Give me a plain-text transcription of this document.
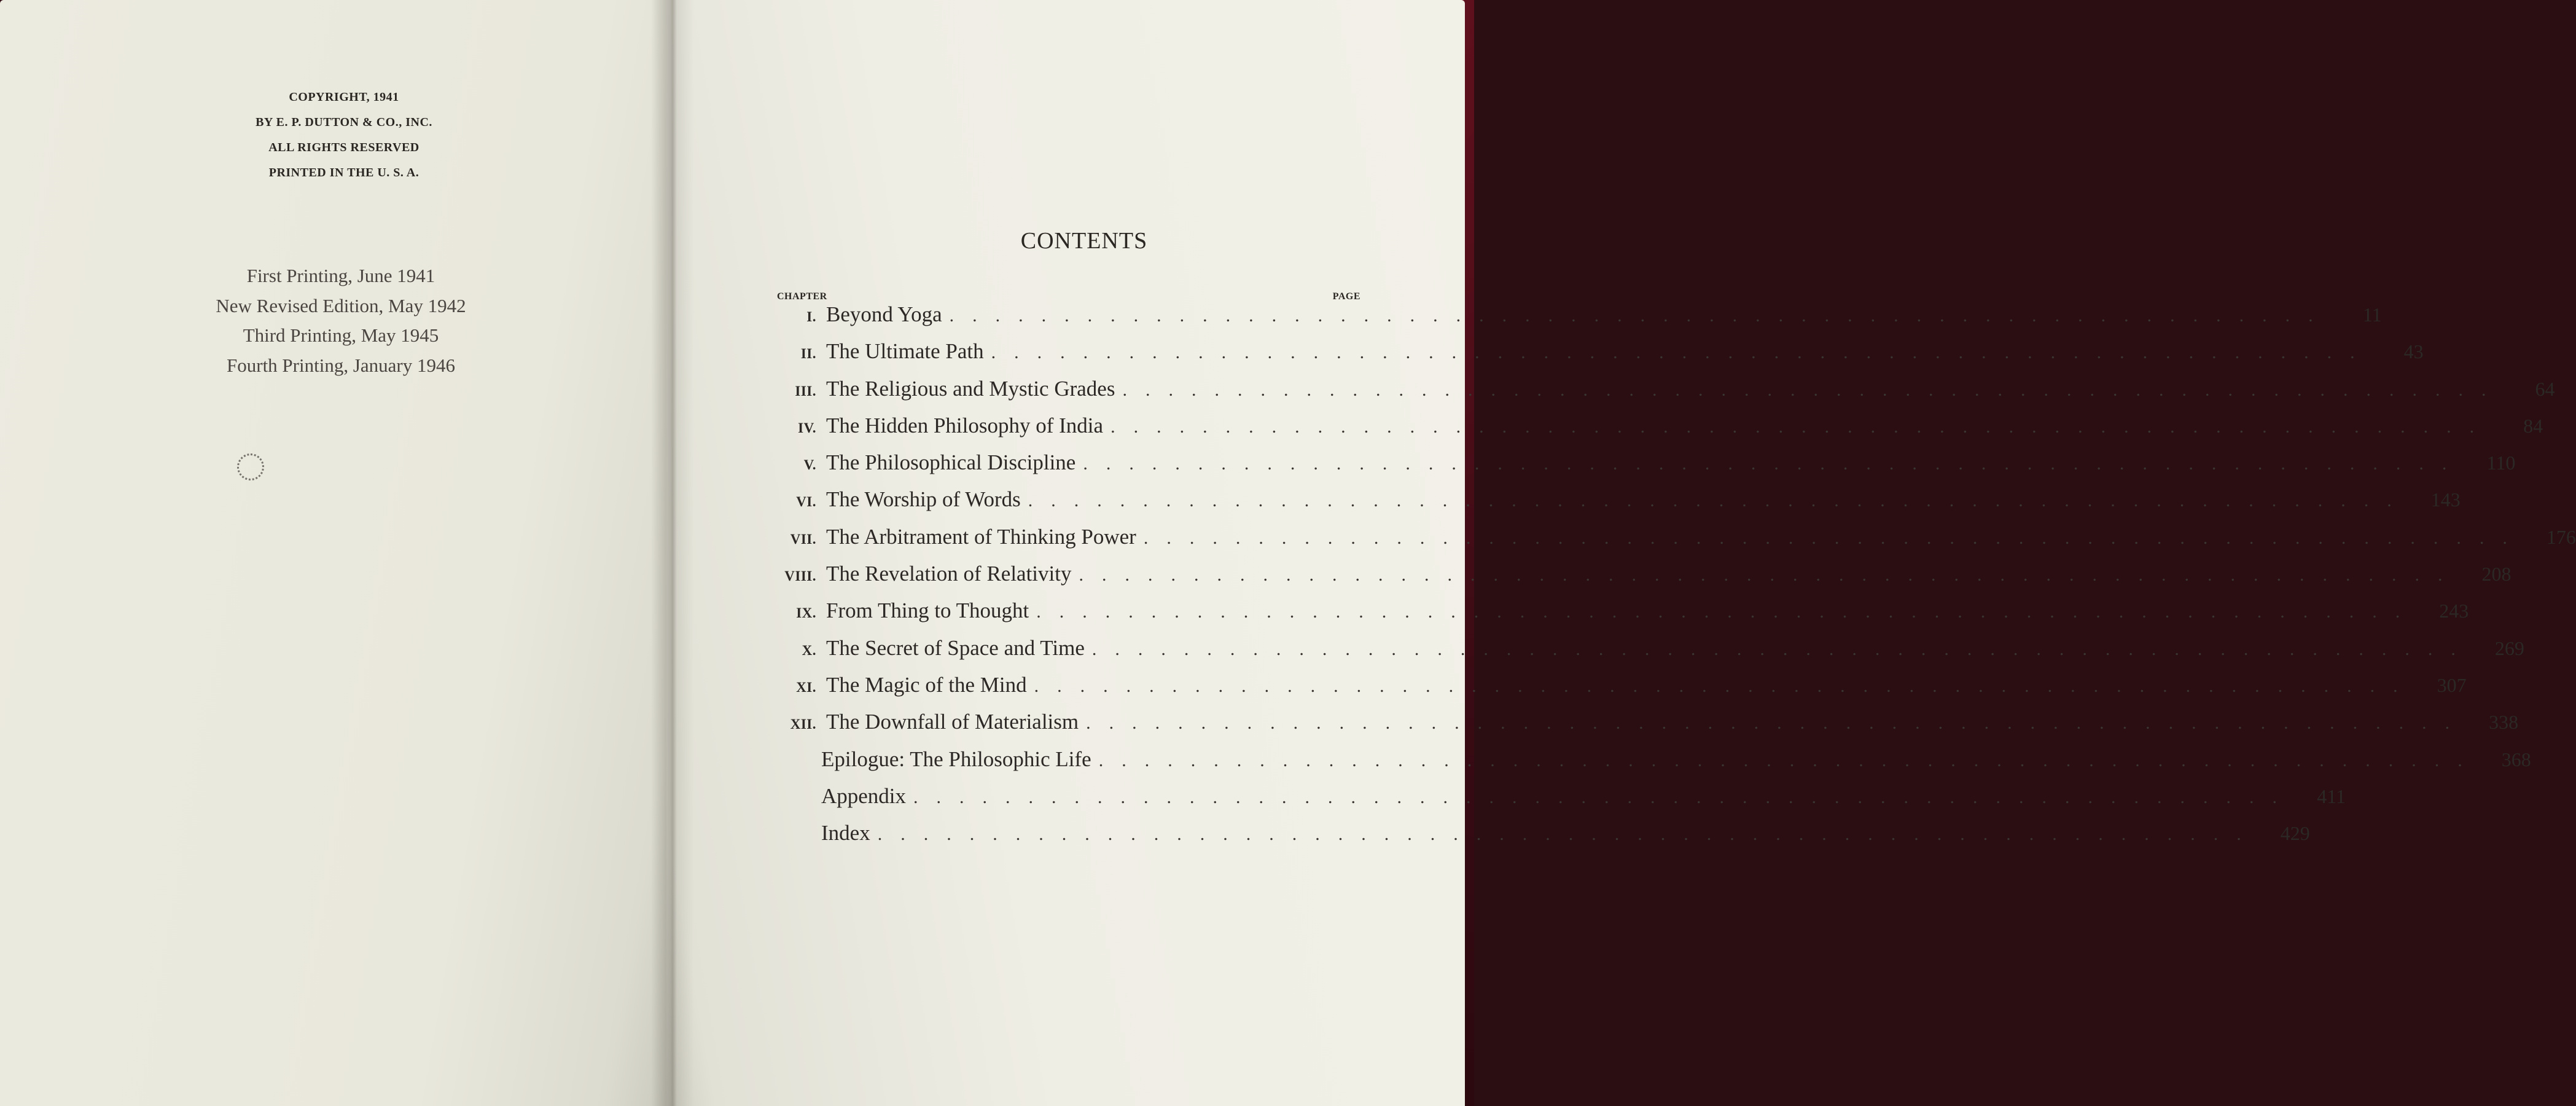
COPYRIGHT, 1941
BY E. P. DUTTON & CO., INC.
ALL RIGHTS RESERVED
PRINTED IN THE U. S. A.
First Printing, June 1941
New Revised Edition, May 1942
Third Printing, May 1945
Fourth Printing, January 1946
CONTENTS
CHAPTER	PAGE
I. Beyond Yoga ............................................................	11
II. The Ultimate Path ............................................................	43
III. The Religious and Mystic Grades ............................................................	64
IV. The Hidden Philosophy of India ............................................................	84
V. The Philosophical Discipline ............................................................	110
VI. The Worship of Words ............................................................	143
VII. The Arbitrament of Thinking Power ............................................................	176
VIII. The Revelation of Relativity ............................................................	208
IX. From Thing to Thought ............................................................	243
X. The Secret of Space and Time ............................................................	269
XI. The Magic of the Mind ............................................................	307
XII. The Downfall of Materialism ............................................................	338
Epilogue: The Philosophic Life ............................................................	368
Appendix ............................................................	411
Index ............................................................	429
